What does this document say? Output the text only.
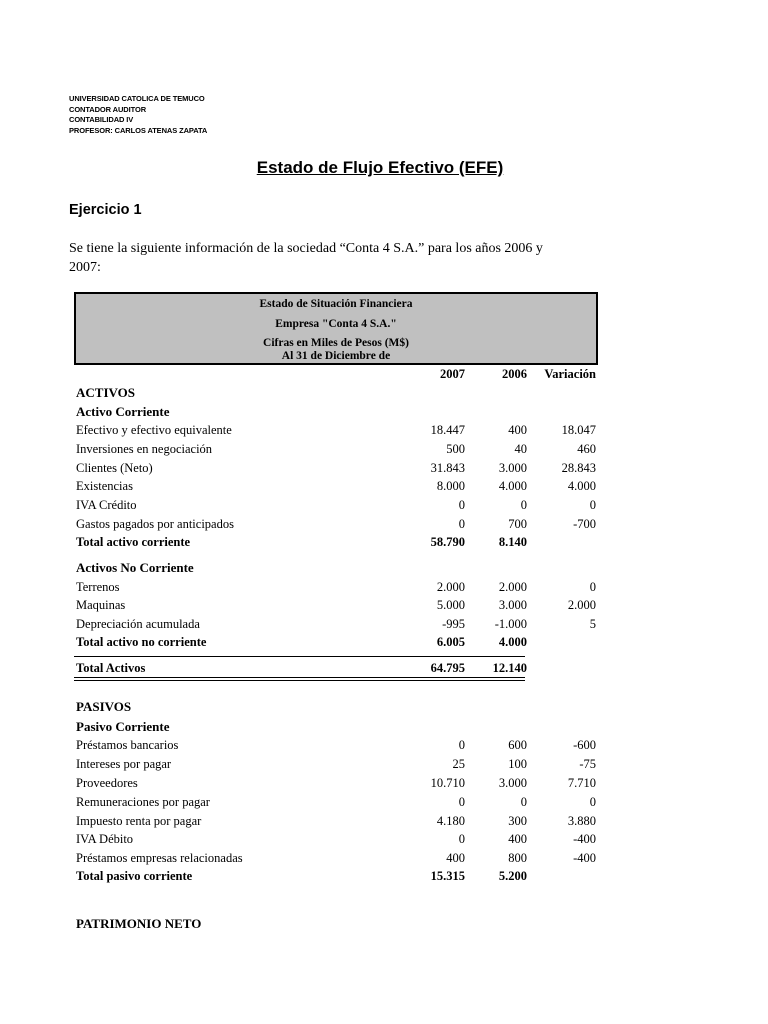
UNIVERSIDAD CATOLICA DE TEMUCO
CONTADOR AUDITOR
CONTABILIDAD IV
PROFESOR: CARLOS ATENAS ZAPATA
Estado de Flujo Efectivo (EFE)
Ejercicio 1
Se tiene la siguiente información de la sociedad “Conta 4 S.A.” para los años 2006 y 2007:
Estado de Situación Financiera
Empresa "Conta 4 S.A."
Cifras en Miles de Pesos (M$)
Al 31 de Diciembre de
2007	2006	Variación
ACTIVOS
Activo Corriente
Efectivo y efectivo equivalente	18.447	400	18.047
Inversiones en negociación	500	40	460
Clientes (Neto)	31.843	3.000	28.843
Existencias	8.000	4.000	4.000
IVA Crédito	0	0	0
Gastos pagados por anticipados	0	700	-700
Total activo corriente	58.790	8.140
Activos No Corriente
Terrenos	2.000	2.000	0
Maquinas	5.000	3.000	2.000
Depreciación acumulada	-995	-1.000	5
Total activo no corriente	6.005	4.000
Total Activos	64.795	12.140
PASIVOS
Pasivo Corriente
Préstamos bancarios	0	600	-600
Intereses por pagar	25	100	-75
Proveedores	10.710	3.000	7.710
Remuneraciones por pagar	0	0	0
Impuesto renta por pagar	4.180	300	3.880
IVA Débito	0	400	-400
Préstamos empresas relacionadas	400	800	-400
Total pasivo corriente	15.315	5.200
PATRIMONIO NETO
